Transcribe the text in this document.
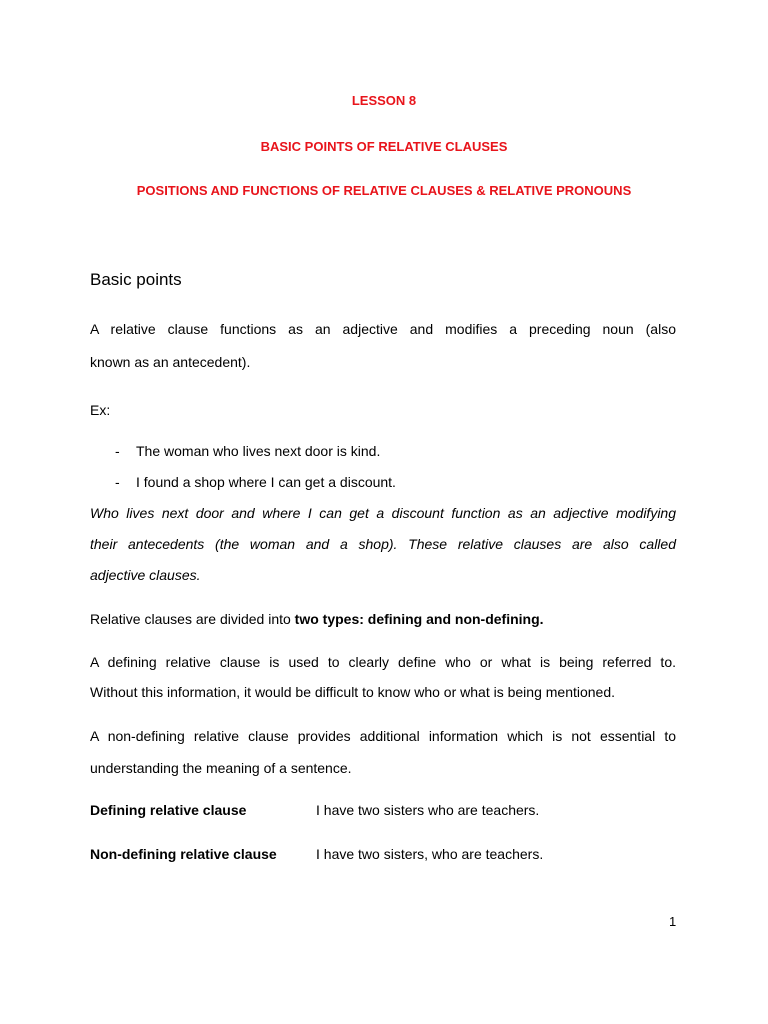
LESSON 8
BASIC POINTS OF RELATIVE CLAUSES
POSITIONS AND FUNCTIONS OF RELATIVE CLAUSES & RELATIVE PRONOUNS
Basic points
A relative clause functions as an adjective and modifies a preceding noun (also
known as an antecedent).
Ex:
- The woman who lives next door is kind.
- I found a shop where I can get a discount.
Who lives next door and where I can get a discount function as an adjective modifying
their antecedents (the woman and a shop). These relative clauses are also called
adjective clauses.
Relative clauses are divided into two types: defining and non-defining.
A defining relative clause is used to clearly define who or what is being referred to.
Without this information, it would be difficult to know who or what is being mentioned.
A non-defining relative clause provides additional information which is not essential to
understanding the meaning of a sentence.
Defining relative clause	I have two sisters who are teachers.
Non-defining relative clause	I have two sisters, who are teachers.
1
